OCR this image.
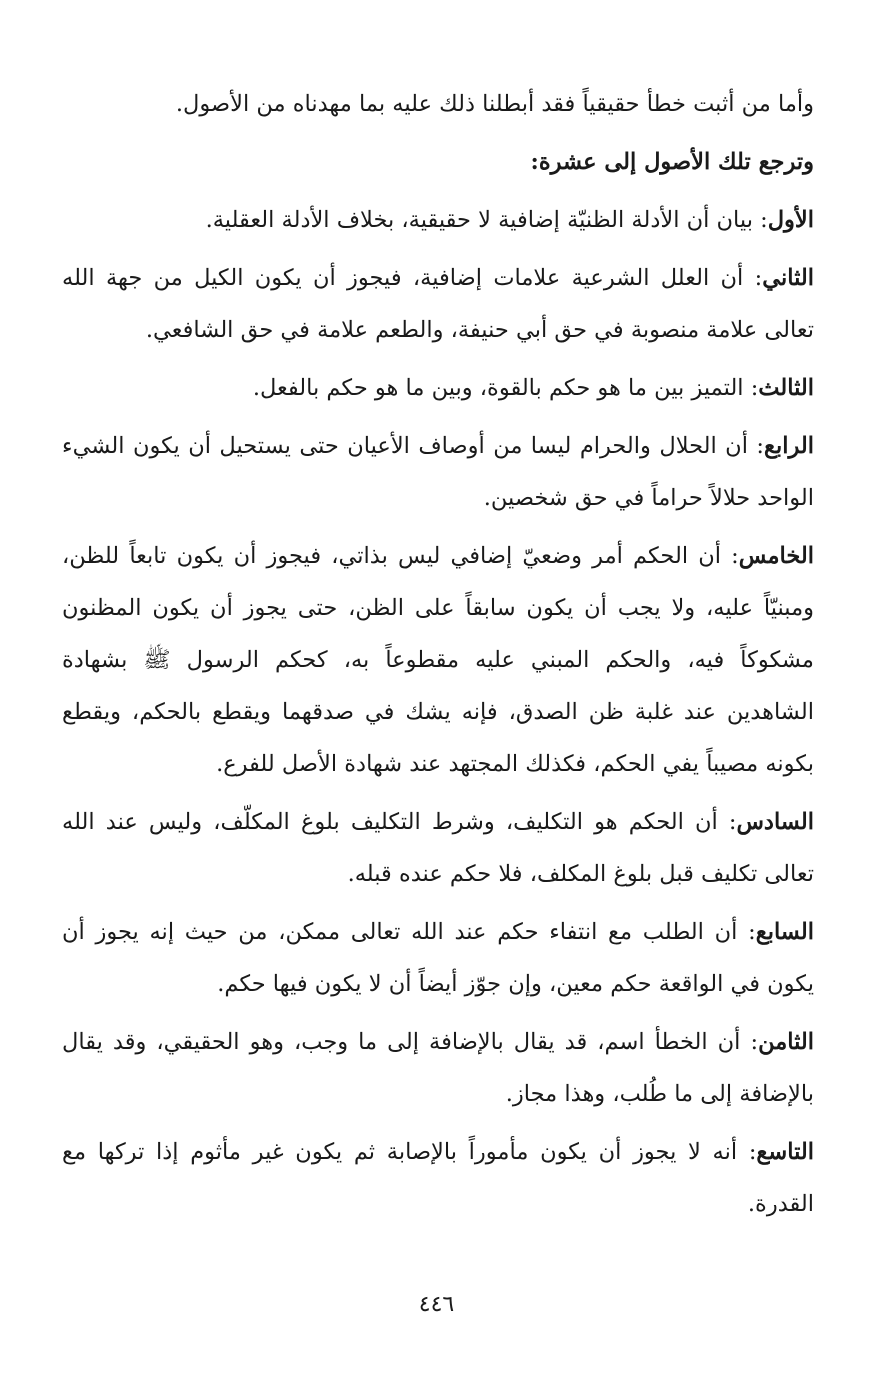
وأما من أثبت خطأ حقيقياً فقد أبطلنا ذلك عليه بما مهدناه من الأصول.

وترجع تلك الأصول إلى عشرة:

الأول: بيان أن الأدلة الظنيّة إضافية لا حقيقية، بخلاف الأدلة العقلية.

الثاني: أن العلل الشرعية علامات إضافية، فيجوز أن يكون الكيل من جهة الله تعالى علامة منصوبة في حق أبي حنيفة، والطعم علامة في حق الشافعي.

الثالث: التميز بين ما هو حكم بالقوة، وبين ما هو حكم بالفعل.

الرابع: أن الحلال والحرام ليسا من أوصاف الأعيان حتى يستحيل أن يكون الشيء الواحد حلالاً حراماً في حق شخصين.

الخامس: أن الحكم أمر وضعيّ إضافي ليس بذاتي، فيجوز أن يكون تابعاً للظن، ومبنيّاً عليه، ولا يجب أن يكون سابقاً على الظن، حتى يجوز أن يكون المظنون مشكوكاً فيه، والحكم المبني عليه مقطوعاً به، كحكم الرسول ﷺ بشهادة الشاهدين عند غلبة ظن الصدق، فإنه يشك في صدقهما ويقطع بالحكم، ويقطع بكونه مصيباً يفي الحكم، فكذلك المجتهد عند شهادة الأصل للفرع.

السادس: أن الحكم هو التكليف، وشرط التكليف بلوغ المكلّف، وليس عند الله تعالى تكليف قبل بلوغ المكلف، فلا حكم عنده قبله.

السابع: أن الطلب مع انتفاء حكم عند الله تعالى ممكن، من حيث إنه يجوز أن يكون في الواقعة حكم معين، وإن جوّز أيضاً أن لا يكون فيها حكم.

الثامن: أن الخطأ اسم، قد يقال بالإضافة إلى ما وجب، وهو الحقيقي، وقد يقال بالإضافة إلى ما طُلب، وهذا مجاز.

التاسع: أنه لا يجوز أن يكون مأموراً بالإصابة ثم يكون غير مأثوم إذا تركها مع القدرة.

٤٤٦
